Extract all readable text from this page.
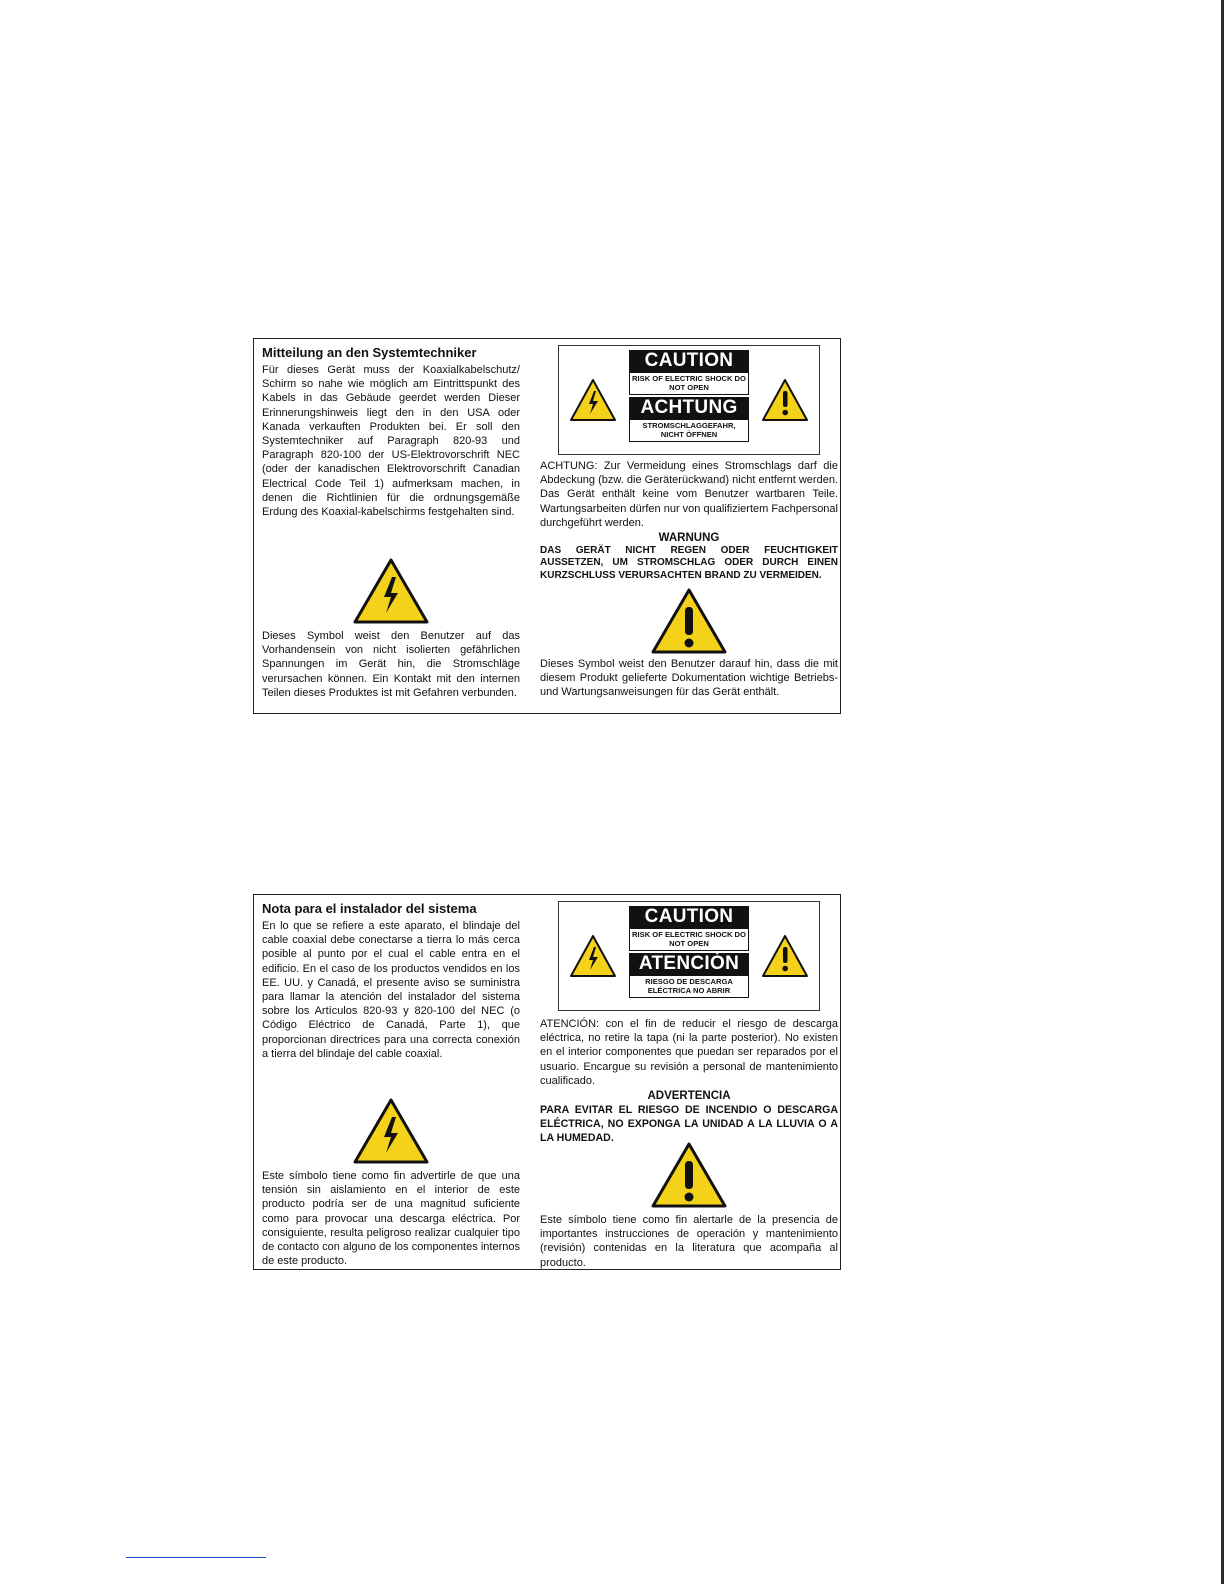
Mitteilung an den Systemtechniker

Für dieses Gerät muss der Koaxialkabelschutz/ Schirm so nahe wie möglich am Eintrittspunkt des Kabels in das Gebäude geerdet werden Dieser Erinnerungshinweis liegt den in den USA oder Kanada verkauften Produkten bei. Er soll den Systemtechniker auf Paragraph 820-93 und Paragraph 820-100 der US-Elektrovorschrift NEC (oder der kanadischen Elektrovorschrift Canadian Electrical Code Teil 1) aufmerksam machen, in denen die Richtlinien für die ordnungsgemäße Erdung des Koaxial-kabelschirms festgehalten sind.

Dieses Symbol weist den Benutzer auf das Vorhandensein von nicht isolierten gefährlichen Spannungen im Gerät hin, die Stromschläge verursachen können. Ein Kontakt mit den internen Teilen dieses Produktes ist mit Gefahren verbunden.

CAUTION
RISK OF ELECTRIC SHOCK DO NOT OPEN
ACHTUNG
STROMSCHLAGGEFAHR, NICHT ÖFFNEN

ACHTUNG: Zur Vermeidung eines Stromschlags darf die Abdeckung (bzw. die Geräterückwand) nicht entfernt werden. Das Gerät enthält keine vom Benutzer wartbaren Teile. Wartungsarbeiten dürfen nur von qualifiziertem Fachpersonal durchgeführt werden.

WARNUNG
DAS GERÄT NICHT REGEN ODER FEUCHTIGKEIT AUSSETZEN, UM STROMSCHLAG ODER DURCH EINEN KURZSCHLUSS VERURSACHTEN BRAND ZU VERMEIDEN.

Dieses Symbol weist den Benutzer darauf hin, dass die mit diesem Produkt gelieferte Dokumentation wichtige Betriebs- und Wartungsanweisungen für das Gerät enthält.

Nota para el instalador del sistema

En lo que se refiere a este aparato, el blindaje del cable coaxial debe conectarse a tierra lo más cerca posible al punto por el cual el cable entra en el edificio. En el caso de los productos vendidos en los EE. UU. y Canadá, el presente aviso se suministra para llamar la atención del instalador del sistema sobre los Artículos 820-93 y 820-100 del NEC (o Código Eléctrico de Canadá, Parte 1), que proporcionan directrices para una correcta conexión a tierra del blindaje del cable coaxial.

Este símbolo tiene como fin advertirle de que una tensión sin aislamiento en el interior de este producto podría ser de una magnitud suficiente como para provocar una descarga eléctrica. Por consiguiente, resulta peligroso realizar cualquier tipo de contacto con alguno de los componentes internos de este producto.

CAUTION
RISK OF ELECTRIC SHOCK DO NOT OPEN
ATENCIÓN
RIESGO DE DESCARGA ELÉCTRICA NO ABRIR

ATENCIÓN: con el fin de reducir el riesgo de descarga eléctrica, no retire la tapa (ni la parte posterior). No existen en el interior componentes que puedan ser reparados por el usuario. Encargue su revisión a personal de mantenimiento cualificado.

ADVERTENCIA
PARA EVITAR EL RIESGO DE INCENDIO O DESCARGA ELÉCTRICA, NO EXPONGA LA UNIDAD A LA LLUVIA O A LA HUMEDAD.

Este símbolo tiene como fin alertarle de la presencia de importantes instrucciones de operación y mantenimiento (revisión) contenidas en la literatura que acompaña al producto.
